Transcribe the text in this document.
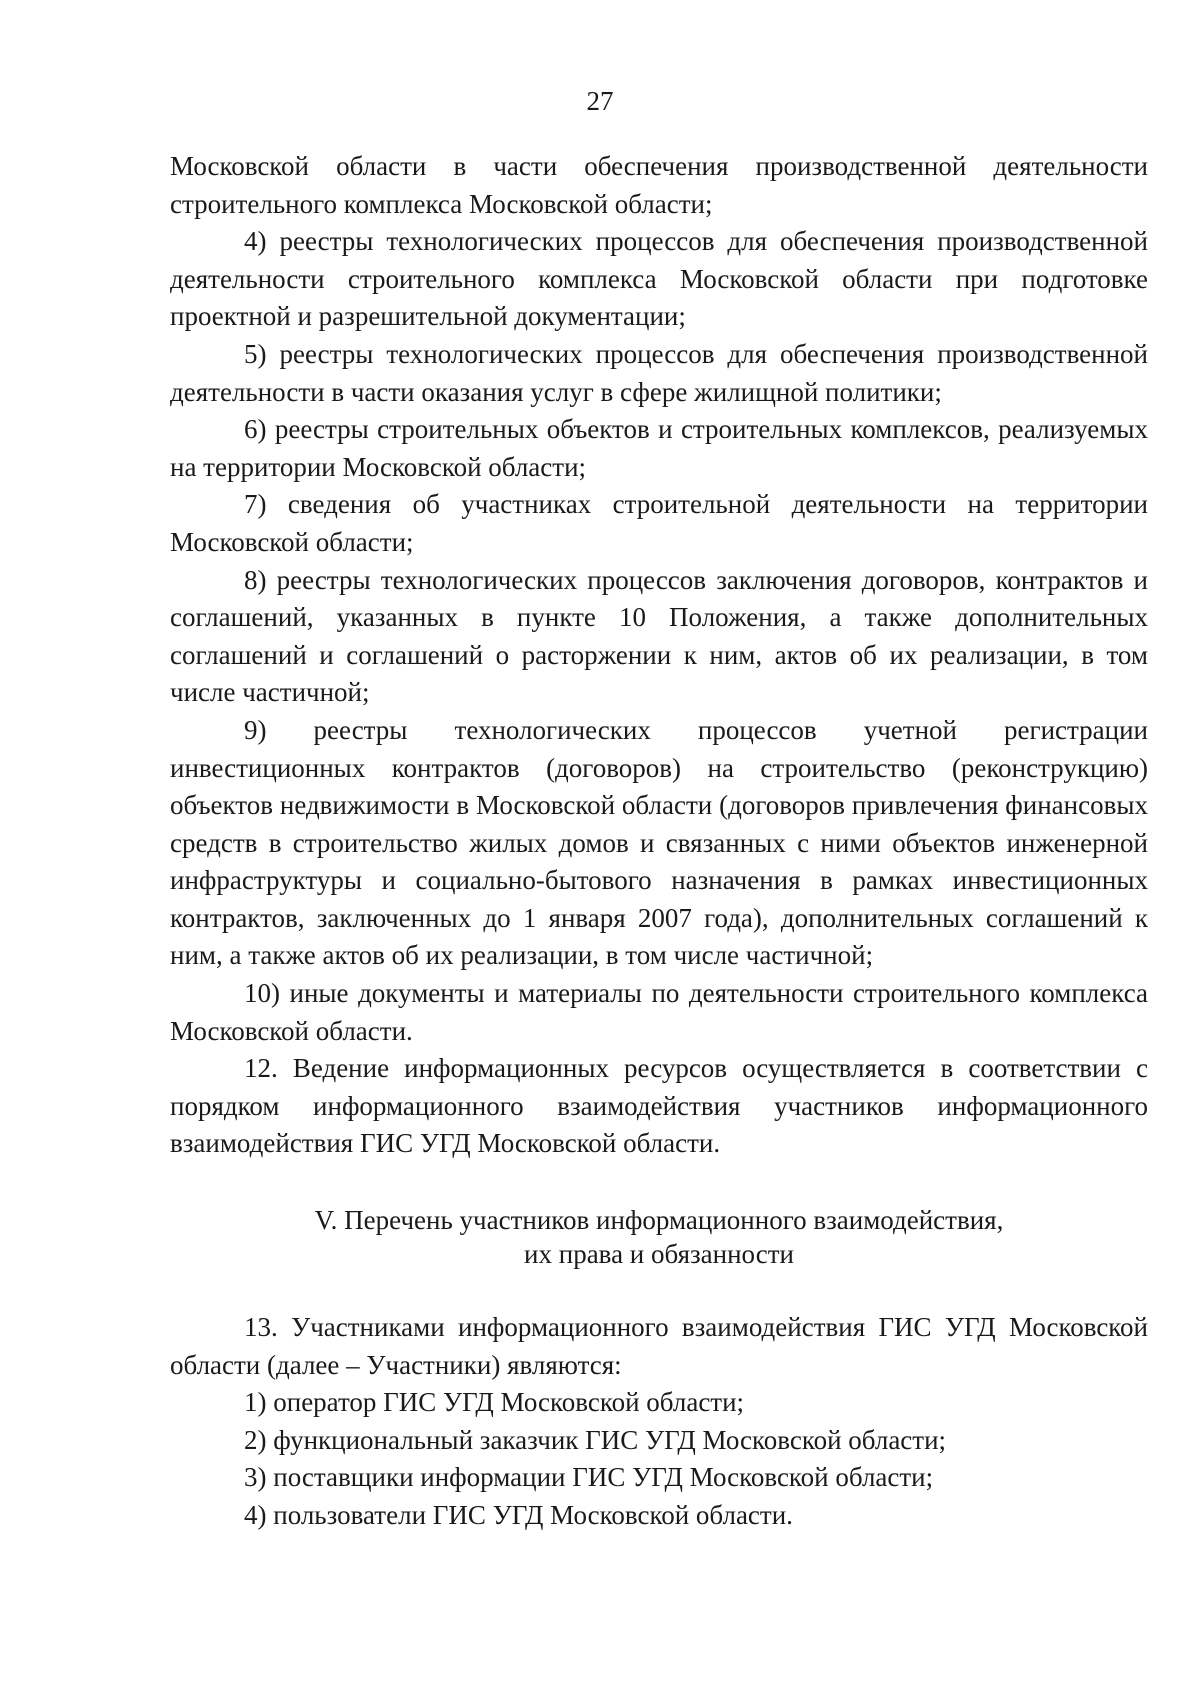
27

Московской области в части обеспечения производственной деятельности строительного комплекса Московской области;

4) реестры технологических процессов для обеспечения производственной деятельности строительного комплекса Московской области при подготовке проектной и разрешительной документации;

5) реестры технологических процессов для обеспечения производственной деятельности в части оказания услуг в сфере жилищной политики;

6) реестры строительных объектов и строительных комплексов, реализуемых на территории Московской области;

7) сведения об участниках строительной деятельности на территории Московской области;

8) реестры технологических процессов заключения договоров, контрактов и соглашений, указанных в пункте 10 Положения, а также дополнительных соглашений и соглашений о расторжении к ним, актов об их реализации, в том числе частичной;

9) реестры технологических процессов учетной регистрации инвестиционных контрактов (договоров) на строительство (реконструкцию) объектов недвижимости в Московской области (договоров привлечения финансовых средств в строительство жилых домов и связанных с ними объектов инженерной инфраструктуры и социально-бытового назначения в рамках инвестиционных контрактов, заключенных до 1 января 2007 года), дополнительных соглашений к ним, а также актов об их реализации, в том числе частичной;

10) иные документы и материалы по деятельности строительного комплекса Московской области.

12. Ведение информационных ресурсов осуществляется в соответствии с порядком информационного взаимодействия участников информационного взаимодействия ГИС УГД Московской области.

V. Перечень участников информационного взаимодействия,
их права и обязанности

13. Участниками информационного взаимодействия ГИС УГД Московской области (далее – Участники) являются:

1) оператор ГИС УГД Московской области;

2) функциональный заказчик ГИС УГД Московской области;

3) поставщики информации ГИС УГД Московской области;

4) пользователи ГИС УГД Московской области.
